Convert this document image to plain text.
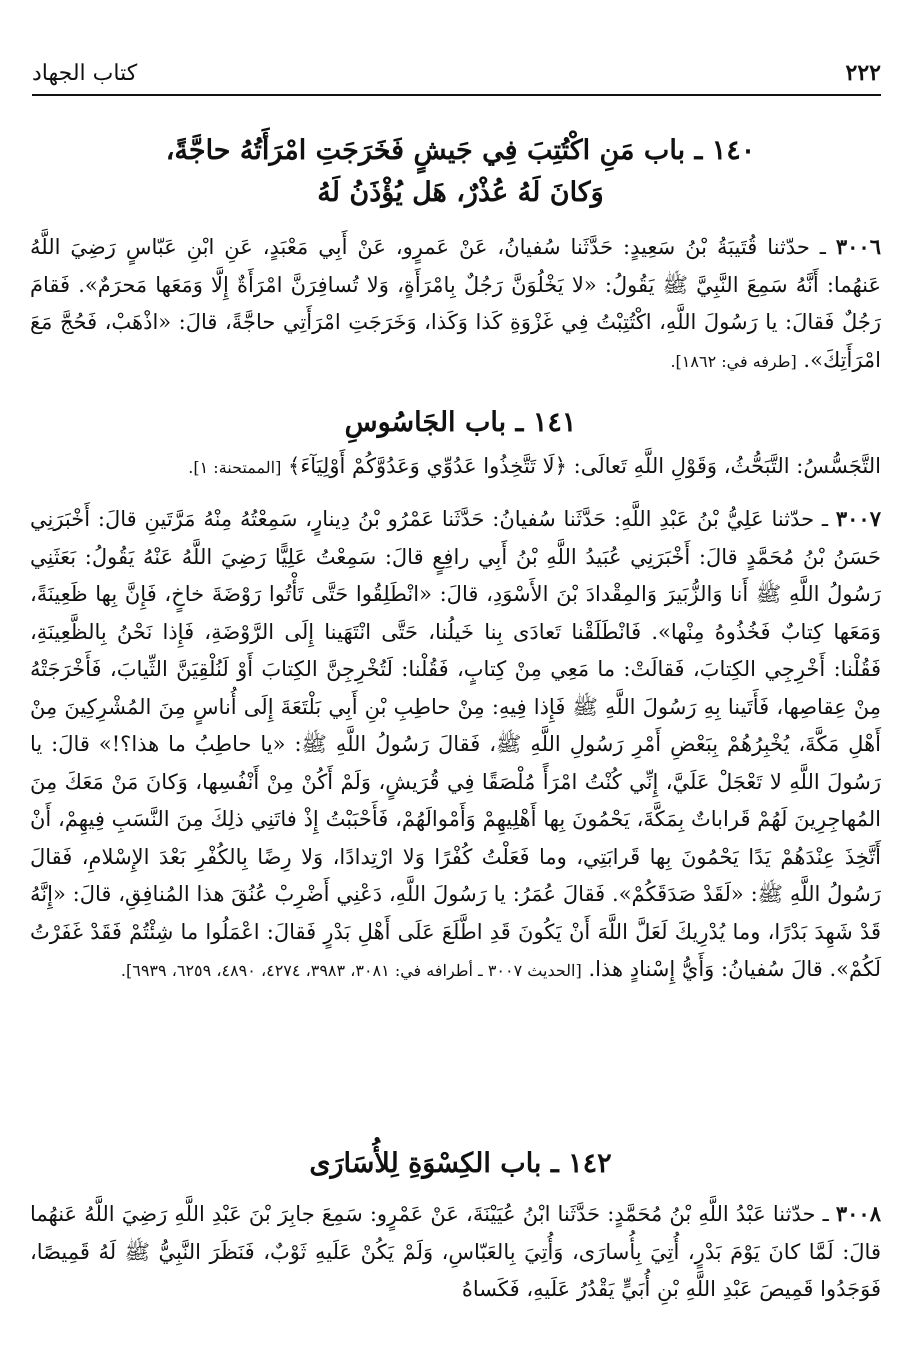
٢٢٢
كتاب الجهاد
١٤٠ ـ باب مَنِ اكْتُتِبَ فِي جَيشٍ فَخَرَجَتِ امْرَأَتُهُ حاجَّةً،
وَكانَ لَهُ عُذْرٌ، هَل يُؤْذَنُ لَهُ

٣٠٠٦ ـ حدّثنا قُتَيبَةُ بْنُ سَعِيدٍ: حَدَّثَنا سُفيانُ، عَنْ عَمرٍو، عَنْ أَبِي مَعْبَدٍ، عَنِ ابْنِ عَبّاسٍ رَضِيَ اللَّهُ عَنهُما: أَنَّهُ سَمِعَ النَّبِيَّ ﷺ يَقُولُ: «لا يَخْلُوَنَّ رَجُلٌ بِامْرَأَةٍ، وَلا تُسافِرَنَّ امْرَأَةٌ إِلَّا وَمَعَها مَحرَمٌ». فَقامَ رَجُلٌ فَقالَ: يا رَسُولَ اللَّهِ، اكْتُتِبْتُ فِي غَزْوَةِ كَذا وَكَذا، وَخَرَجَتِ امْرَأَتِي حاجَّةً، قالَ: «اذْهَبْ، فَحُجَّ مَعَ امْرَأَتِكَ». [طرفه في: ١٨٦٢].

١٤١ ـ باب الجَاسُوسِ

التَّجَسُّسُ: التَّبَحُّثُ، وَقَوْلِ اللَّهِ تَعالَى: ﴿لَا تَتَّخِذُوا عَدُوِّي وَعَدُوَّكُمْ أَوْلِيَآءَ﴾ [الممتحنة: ١].

٣٠٠٧ ـ حدّثنا عَلِيُّ بْنُ عَبْدِ اللَّهِ: حَدَّثَنا سُفيانُ: حَدَّثَنا عَمْرُو بْنُ دِينارٍ، سَمِعْتُهُ مِنْهُ مَرَّتَينِ قالَ: أَخْبَرَنِي حَسَنُ بْنُ مُحَمَّدٍ قالَ: أَخْبَرَنِي عُبَيدُ اللَّهِ بْنُ أَبِي رافِعٍ قالَ: سَمِعْتُ عَلِيًّا رَضِيَ اللَّهُ عَنْهُ يَقُولُ: بَعَثَنِي رَسُولُ اللَّهِ ﷺ أَنا وَالزُّبَيرَ وَالمِقْدادَ بْنَ الأَسْوَدِ، قالَ: «انْطَلِقُوا حَتَّى تَأْتُوا رَوْضَةَ خاخٍ، فَإِنَّ بِها ظَعِينَةً، وَمَعَها كِتابٌ فَخُذُوهُ مِنْها». فَانْطَلَقْنا تَعادَى بِنا خَيلُنا، حَتَّى انْتَهَينا إِلَى الرَّوْضَةِ، فَإِذا نَحْنُ بِالظَّعِينَةِ، فَقُلْنا: أَخْرِجِي الكِتابَ، فَقالَتْ: ما مَعِي مِنْ كِتابٍ، فَقُلْنا: لَتُخْرِجِنَّ الكِتابَ أَوْ لَنُلْقِيَنَّ الثِّيابَ، فَأَخْرَجَتْهُ مِنْ عِقاصِها، فَأَتَينا بِهِ رَسُولَ اللَّهِ ﷺ فَإِذا فِيهِ: مِنْ حاطِبِ بْنِ أَبِي بَلْتَعَةَ إِلَى أُناسٍ مِنَ المُشْرِكِينَ مِنْ أَهْلِ مَكَّةَ، يُخْبِرُهُمْ بِبَعْضِ أَمْرِ رَسُولِ اللَّهِ ﷺ، فَقالَ رَسُولُ اللَّهِ ﷺ: «يا حاطِبُ ما هذا؟!» قالَ: يا رَسُولَ اللَّهِ لا تَعْجَلْ عَلَيَّ، إِنِّي كُنْتُ امْرَأً مُلْصَقًا فِي قُرَيشٍ، وَلَمْ أَكُنْ مِنْ أَنْفُسِها، وَكانَ مَنْ مَعَكَ مِنَ المُهاجِرِينَ لَهُمْ قَراباتٌ بِمَكَّةَ، يَحْمُونَ بِها أَهْلِيهِمْ وَأَمْوالَهُمْ، فَأَحْبَبْتُ إِذْ فاتَنِي ذلِكَ مِنَ النَّسَبِ فِيهِمْ، أَنْ أَتَّخِذَ عِنْدَهُمْ يَدًا يَحْمُونَ بِها قَرابَتِي، وما فَعَلْتُ كُفْرًا وَلا ارْتِدادًا، وَلا رِضًا بِالكُفْرِ بَعْدَ الإِسْلامِ، فَقالَ رَسُولُ اللَّهِ ﷺ: «لَقَدْ صَدَقَكُمْ». فَقالَ عُمَرُ: يا رَسُولَ اللَّهِ، دَعْنِي أَضْرِبْ عُنُقَ هذا المُنافِقِ، قالَ: «إِنَّهُ قَدْ شَهِدَ بَدْرًا، وما يُدْرِيكَ لَعَلَّ اللَّهَ أَنْ يَكُونَ قَدِ اطَّلَعَ عَلَى أَهْلِ بَدْرٍ فَقالَ: اعْمَلُوا ما شِئْتُمْ فَقَدْ غَفَرْتُ لَكُمْ». قالَ سُفيانُ: وَأَيُّ إِسْنادٍ هذا. [الحديث ٣٠٠٧ ـ أطرافه في: ٣٠٨١، ٣٩٨٣، ٤٢٧٤، ٤٨٩٠، ٦٢٥٩، ٦٩٣٩].

١٤٢ ـ باب الكِسْوَةِ لِلأُسَارَى

٣٠٠٨ ـ حدّثنا عَبْدُ اللَّهِ بْنُ مُحَمَّدٍ: حَدَّثَنا ابْنُ عُيَيْنَةَ، عَنْ عَمْرٍو: سَمِعَ جابِرَ بْنَ عَبْدِ اللَّهِ رَضِيَ اللَّهُ عَنهُما قالَ: لَمَّا كانَ يَوْمَ بَدْرٍ، أُتِيَ بِأُسارَى، وَأُتِيَ بِالعَبّاسِ، وَلَمْ يَكُنْ عَلَيهِ ثَوْبٌ، فَنَظَرَ النَّبِيُّ ﷺ لَهُ قَمِيصًا، فَوَجَدُوا قَمِيصَ عَبْدِ اللَّهِ بْنِ أُبَيٍّ يَقْدُرُ عَلَيهِ، فَكَساهُ
